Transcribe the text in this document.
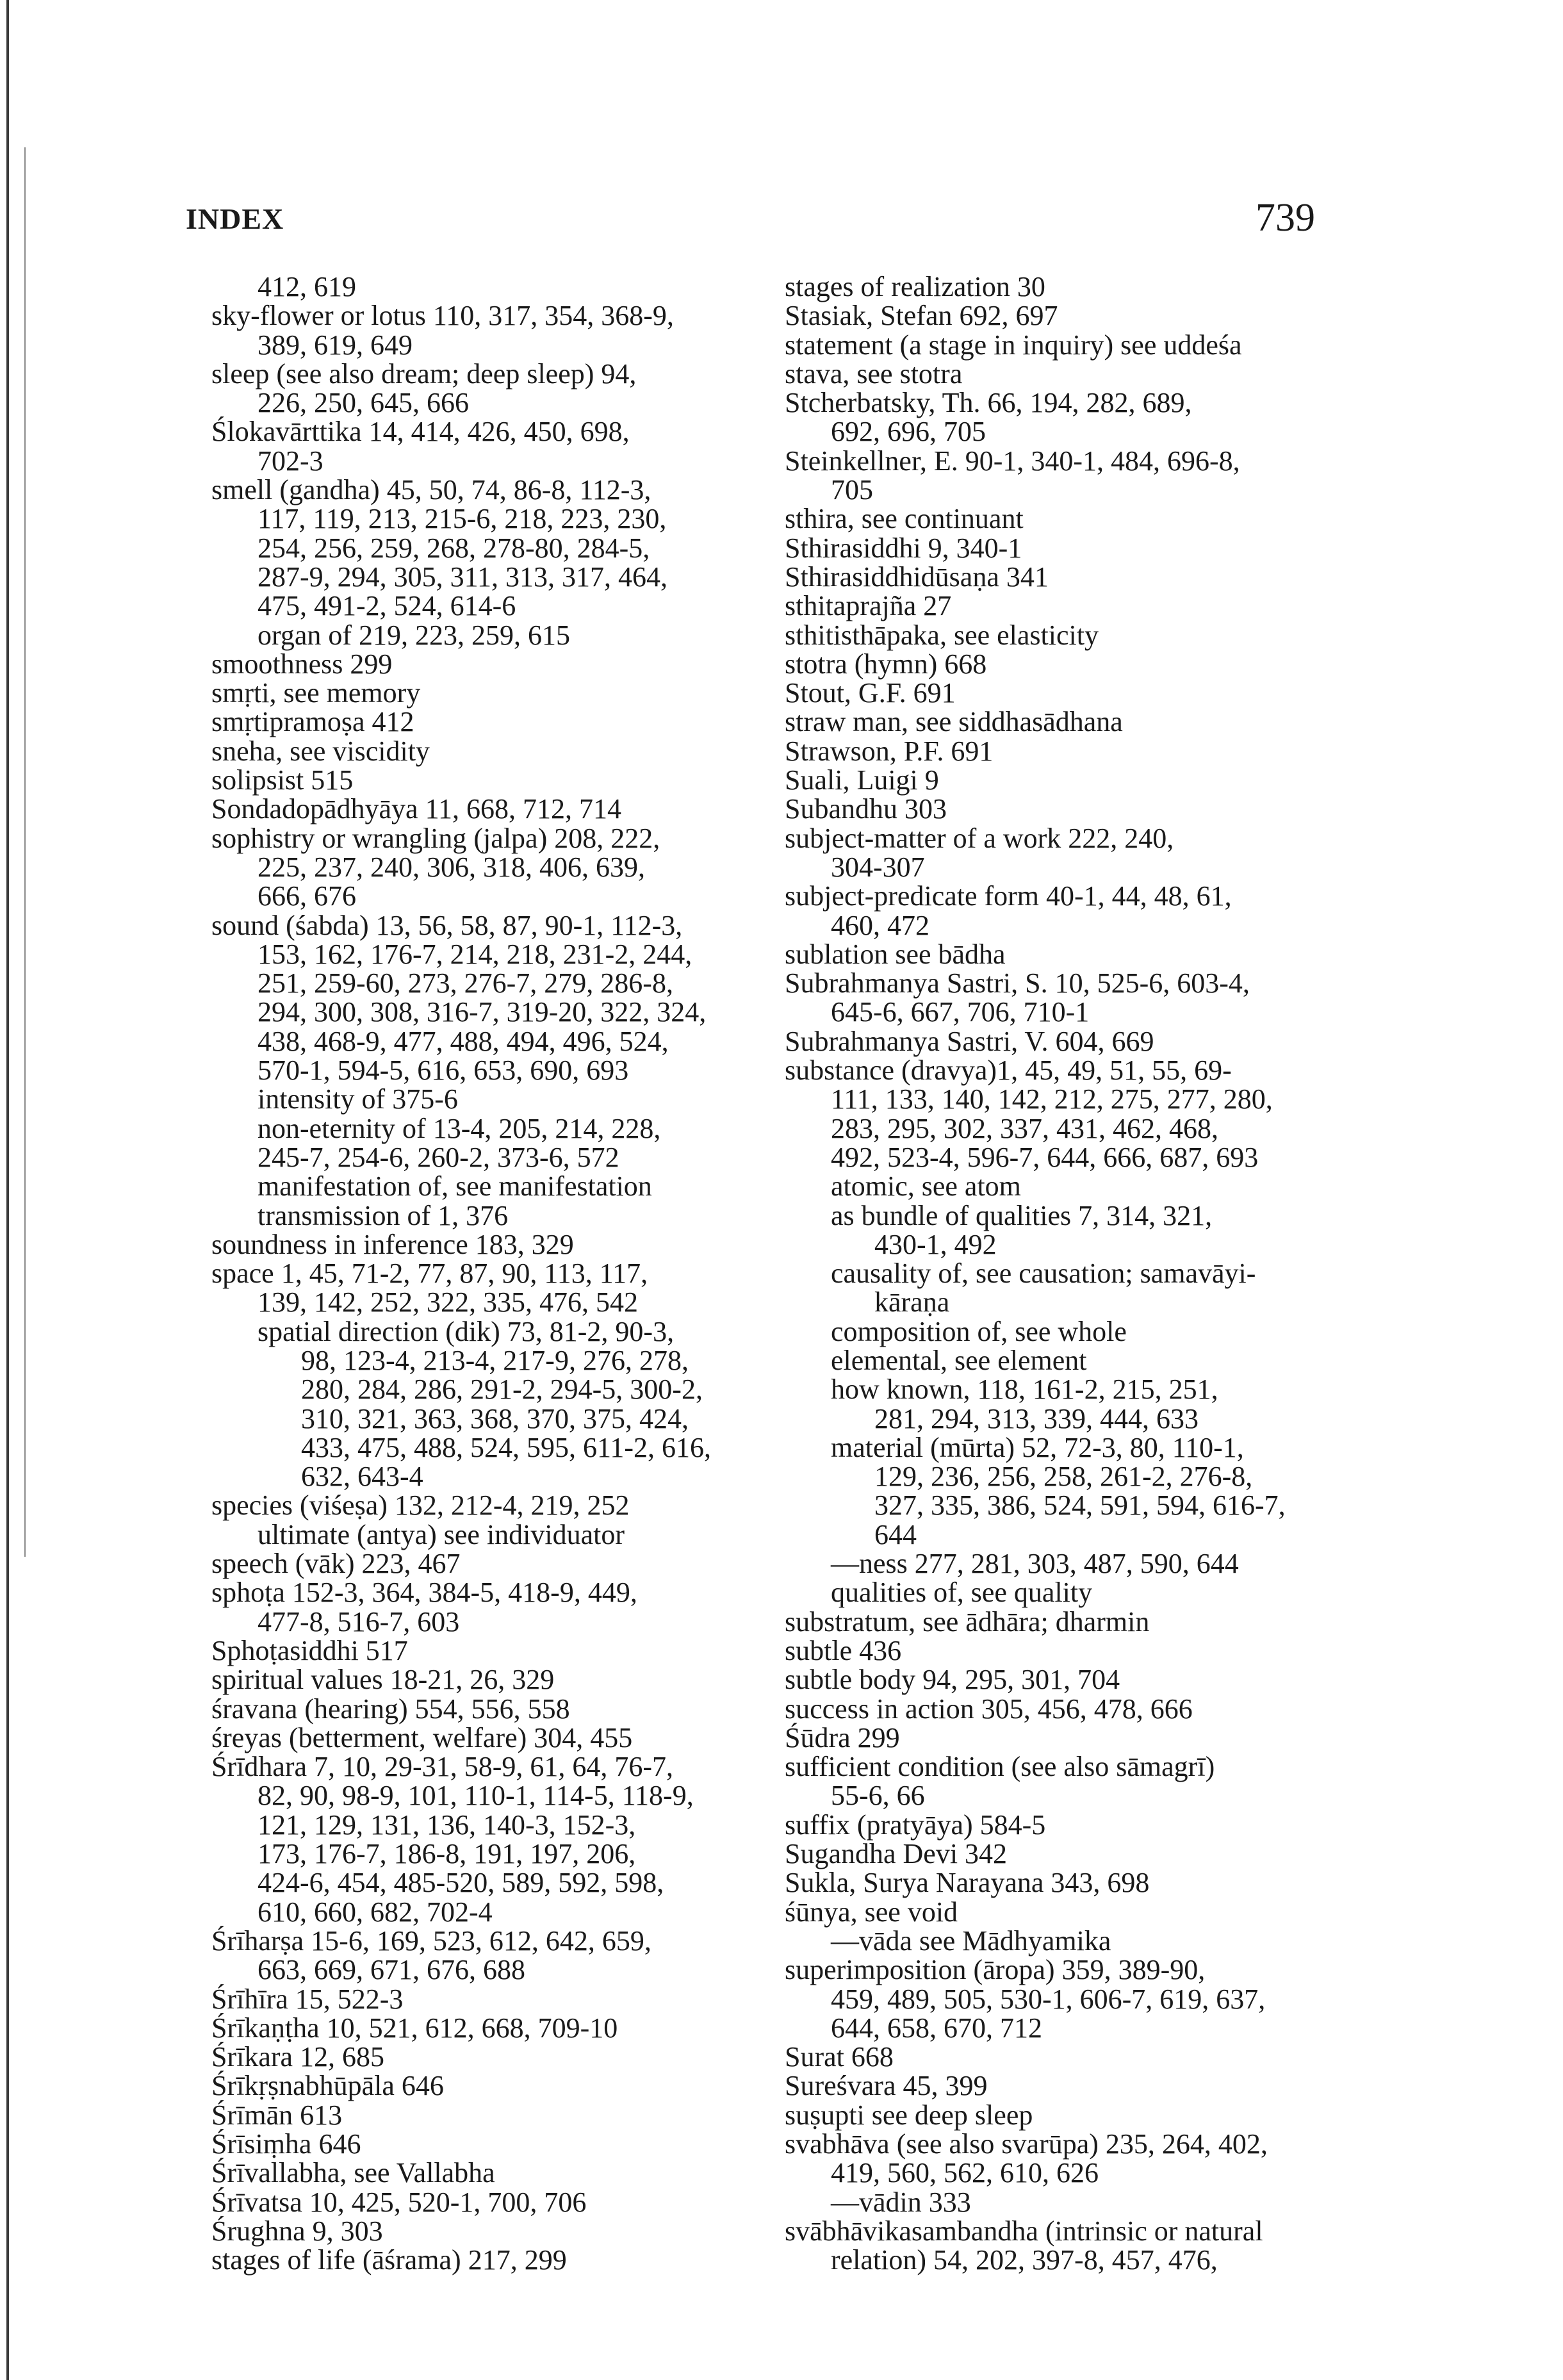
INDEX	739
412, 619
sky-flower or lotus 110, 317, 354, 368-9,
389, 619, 649
sleep (see also dream; deep sleep) 94,
226, 250, 645, 666
Ślokavārttika 14, 414, 426, 450, 698,
702-3
smell (gandha) 45, 50, 74, 86-8, 112-3,
117, 119, 213, 215-6, 218, 223, 230,
254, 256, 259, 268, 278-80, 284-5,
287-9, 294, 305, 311, 313, 317, 464,
475, 491-2, 524, 614-6
organ of 219, 223, 259, 615
smoothness 299
smṛti, see memory
smṛtipramoṣa 412
sneha, see viscidity
solipsist 515
Sondadopādhyāya 11, 668, 712, 714
sophistry or wrangling (jalpa) 208, 222,
225, 237, 240, 306, 318, 406, 639,
666, 676
sound (śabda) 13, 56, 58, 87, 90-1, 112-3,
153, 162, 176-7, 214, 218, 231-2, 244,
251, 259-60, 273, 276-7, 279, 286-8,
294, 300, 308, 316-7, 319-20, 322, 324,
438, 468-9, 477, 488, 494, 496, 524,
570-1, 594-5, 616, 653, 690, 693
intensity of 375-6
non-eternity of 13-4, 205, 214, 228,
245-7, 254-6, 260-2, 373-6, 572
manifestation of, see manifestation
transmission of 1, 376
soundness in inference 183, 329
space 1, 45, 71-2, 77, 87, 90, 113, 117,
139, 142, 252, 322, 335, 476, 542
spatial direction (dik) 73, 81-2, 90-3,
98, 123-4, 213-4, 217-9, 276, 278,
280, 284, 286, 291-2, 294-5, 300-2,
310, 321, 363, 368, 370, 375, 424,
433, 475, 488, 524, 595, 611-2, 616,
632, 643-4
species (viśeṣa) 132, 212-4, 219, 252
ultimate (antya) see individuator
speech (vāk) 223, 467
sphoṭa 152-3, 364, 384-5, 418-9, 449,
477-8, 516-7, 603
Sphoṭasiddhi 517
spiritual values 18-21, 26, 329
śravana (hearing) 554, 556, 558
śreyas (betterment, welfare) 304, 455
Śrīdhara 7, 10, 29-31, 58-9, 61, 64, 76-7,
82, 90, 98-9, 101, 110-1, 114-5, 118-9,
121, 129, 131, 136, 140-3, 152-3,
173, 176-7, 186-8, 191, 197, 206,
424-6, 454, 485-520, 589, 592, 598,
610, 660, 682, 702-4
Śrīharṣa 15-6, 169, 523, 612, 642, 659,
663, 669, 671, 676, 688
Śrīhīra 15, 522-3
Śrīkaṇṭha 10, 521, 612, 668, 709-10
Śrīkara 12, 685
Śrīkṛṣnabhūpāla 646
Śrīmān 613
Śrīsiṃha 646
Śrīvallabha, see Vallabha
Śrīvatsa 10, 425, 520-1, 700, 706
Śrughna 9, 303
stages of life (āśrama) 217, 299
stages of realization 30
Stasiak, Stefan 692, 697
statement (a stage in inquiry) see uddeśa
stava, see stotra
Stcherbatsky, Th. 66, 194, 282, 689,
692, 696, 705
Steinkellner, E. 90-1, 340-1, 484, 696-8,
705
sthira, see continuant
Sthirasiddhi 9, 340-1
Sthirasiddhidūsaṇa 341
sthitaprajña 27
sthitisthāpaka, see elasticity
stotra (hymn) 668
Stout, G.F. 691
straw man, see siddhasādhana
Strawson, P.F. 691
Suali, Luigi 9
Subandhu 303
subject-matter of a work 222, 240,
304-307
subject-predicate form 40-1, 44, 48, 61,
460, 472
sublation see bādha
Subrahmanya Sastri, S. 10, 525-6, 603-4,
645-6, 667, 706, 710-1
Subrahmanya Sastri, V. 604, 669
substance (dravya)1, 45, 49, 51, 55, 69-
111, 133, 140, 142, 212, 275, 277, 280,
283, 295, 302, 337, 431, 462, 468,
492, 523-4, 596-7, 644, 666, 687, 693
atomic, see atom
as bundle of qualities 7, 314, 321,
430-1, 492
causality of, see causation; samavāyi-
kāraṇa
composition of, see whole
elemental, see element
how known, 118, 161-2, 215, 251,
281, 294, 313, 339, 444, 633
material (mūrta) 52, 72-3, 80, 110-1,
129, 236, 256, 258, 261-2, 276-8,
327, 335, 386, 524, 591, 594, 616-7,
644
—ness 277, 281, 303, 487, 590, 644
qualities of, see quality
substratum, see ādhāra; dharmin
subtle 436
subtle body 94, 295, 301, 704
success in action 305, 456, 478, 666
Śūdra 299
sufficient condition (see also sāmagrī)
55-6, 66
suffix (pratyāya) 584-5
Sugandha Devi 342
Sukla, Surya Narayana 343, 698
śūnya, see void
—vāda see Mādhyamika
superimposition (āropa) 359, 389-90,
459, 489, 505, 530-1, 606-7, 619, 637,
644, 658, 670, 712
Surat 668
Sureśvara 45, 399
suṣupti see deep sleep
svabhāva (see also svarūpa) 235, 264, 402,
419, 560, 562, 610, 626
—vādin 333
svābhāvikasambandha (intrinsic or natural
relation) 54, 202, 397-8, 457, 476,
